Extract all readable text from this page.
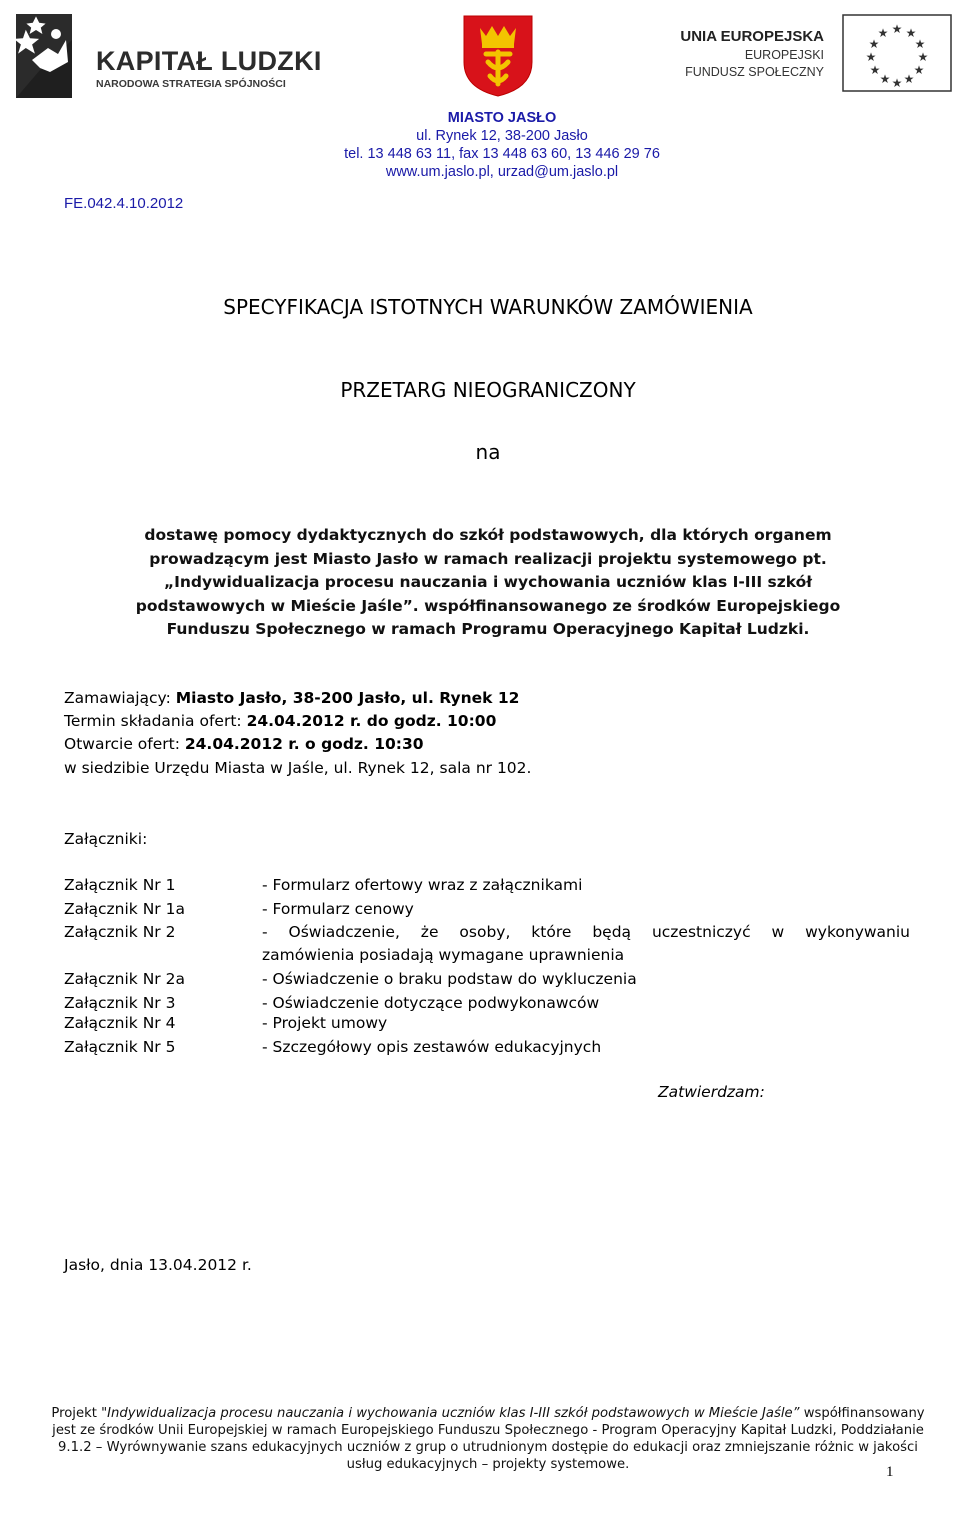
KAPITAŁ LUDZKI
NARODOWA STRATEGIA SPÓJNOŚCI
UNIA EUROPEJSKA
EUROPEJSKI
FUNDUSZ SPOŁECZNY
★ ★
★
★
★
★
★
★
★
★
★
★
MIASTO JASŁO
ul. Rynek 12, 38-200 Jasło
tel. 13 448 63 11, fax 13 448 63 60, 13 446 29 76
www.um.jaslo.pl, urzad@um.jaslo.pl
FE.042.4.10.2012
SPECYFIKACJA ISTOTNYCH WARUNKÓW ZAMÓWIENIA
PRZETARG NIEOGRANICZONY
na
dostawę pomocy dydaktycznych do szkół podstawowych, dla których organem
prowadzącym jest Miasto Jasło w ramach realizacji projektu systemowego pt.
„Indywidualizacja procesu nauczania i wychowania uczniów klas I-III szkół
podstawowych w Mieście Jaśle”. współfinansowanego ze środków Europejskiego
Funduszu Społecznego w ramach Programu Operacyjnego Kapitał Ludzki.
Zamawiający: Miasto Jasło, 38-200 Jasło, ul. Rynek 12
Termin składania ofert: 24.04.2012 r. do godz. 10:00
Otwarcie ofert: 24.04.2012 r. o godz. 10:30
w siedzibie Urzędu Miasta w Jaśle, ul. Rynek 12, sala nr 102.
Załączniki:
Załącznik Nr 1	- Formularz ofertowy wraz z załącznikami
Załącznik Nr 1a	- Formularz cenowy
Załącznik Nr 2	- Oświadczenie, że osoby, które będą uczestniczyć w wykonywaniu
zamówienia posiadają wymagane uprawnienia
Załącznik Nr 2a	- Oświadczenie o braku podstaw do wykluczenia
Załącznik Nr 3	- Oświadczenie dotyczące podwykonawców
Załącznik Nr 4	- Projekt umowy
Załącznik Nr 5	- Szczegółowy opis zestawów edukacyjnych
Zatwierdzam:
Jasło, dnia 13.04.2012 r.
Projekt "Indywidualizacja procesu nauczania i wychowania uczniów klas I-III szkół podstawowych w Mieście Jaśle” współfinansowany
jest ze środków Unii Europejskiej w ramach Europejskiego Funduszu Społecznego - Program Operacyjny Kapitał Ludzki, Poddziałanie
9.1.2 – Wyrównywanie szans edukacyjnych uczniów z grup o utrudnionym dostępie do edukacji oraz zmniejszanie różnic w jakości
usług edukacyjnych – projekty systemowe.	1
